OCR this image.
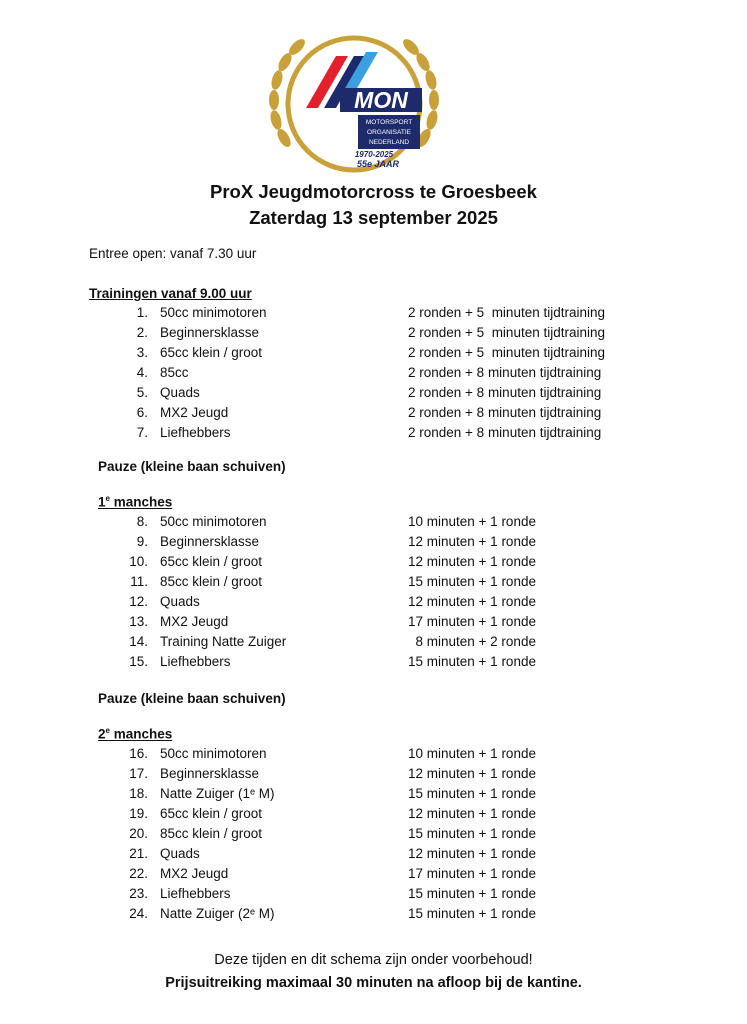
MON
MOTORSPORT
ORGANISATIE
NEDERLAND
1970-2025
55e JAAR
ProX Jeugdmotorcross te Groesbeek
Zaterdag 13 september 2025
Entree open: vanaf 7.30 uur
Trainingen vanaf 9.00 uur
1. 50cc minimotoren	2 ronden + 5  minuten tijdtraining
2. Beginnersklasse	2 ronden + 5  minuten tijdtraining
3. 65cc klein / groot	2 ronden + 5  minuten tijdtraining
4. 85cc	2 ronden + 8 minuten tijdtraining
5. Quads	2 ronden + 8 minuten tijdtraining
6. MX2 Jeugd	2 ronden + 8 minuten tijdtraining
7. Liefhebbers	2 ronden + 8 minuten tijdtraining
Pauze (kleine baan schuiven)
1e manches
8. 50cc minimotoren	10 minuten + 1 ronde
9. Beginnersklasse	12 minuten + 1 ronde
10. 65cc klein / groot	12 minuten + 1 ronde
11. 85cc klein / groot	15 minuten + 1 ronde
12. Quads	12 minuten + 1 ronde
13. MX2 Jeugd	17 minuten + 1 ronde
14. Training Natte Zuiger	8 minuten + 2 ronde
15. Liefhebbers	15 minuten + 1 ronde
Pauze (kleine baan schuiven)
2e manches
16. 50cc minimotoren	10 minuten + 1 ronde
17. Beginnersklasse	12 minuten + 1 ronde
18. Natte Zuiger (1ᵉ M)	15 minuten + 1 ronde
19. 65cc klein / groot	12 minuten + 1 ronde
20. 85cc klein / groot	15 minuten + 1 ronde
21. Quads	12 minuten + 1 ronde
22. MX2 Jeugd	17 minuten + 1 ronde
23. Liefhebbers	15 minuten + 1 ronde
24. Natte Zuiger (2ᵉ M)	15 minuten + 1 ronde
Deze tijden en dit schema zijn onder voorbehoud!
Prijsuitreiking maximaal 30 minuten na afloop bij de kantine.
